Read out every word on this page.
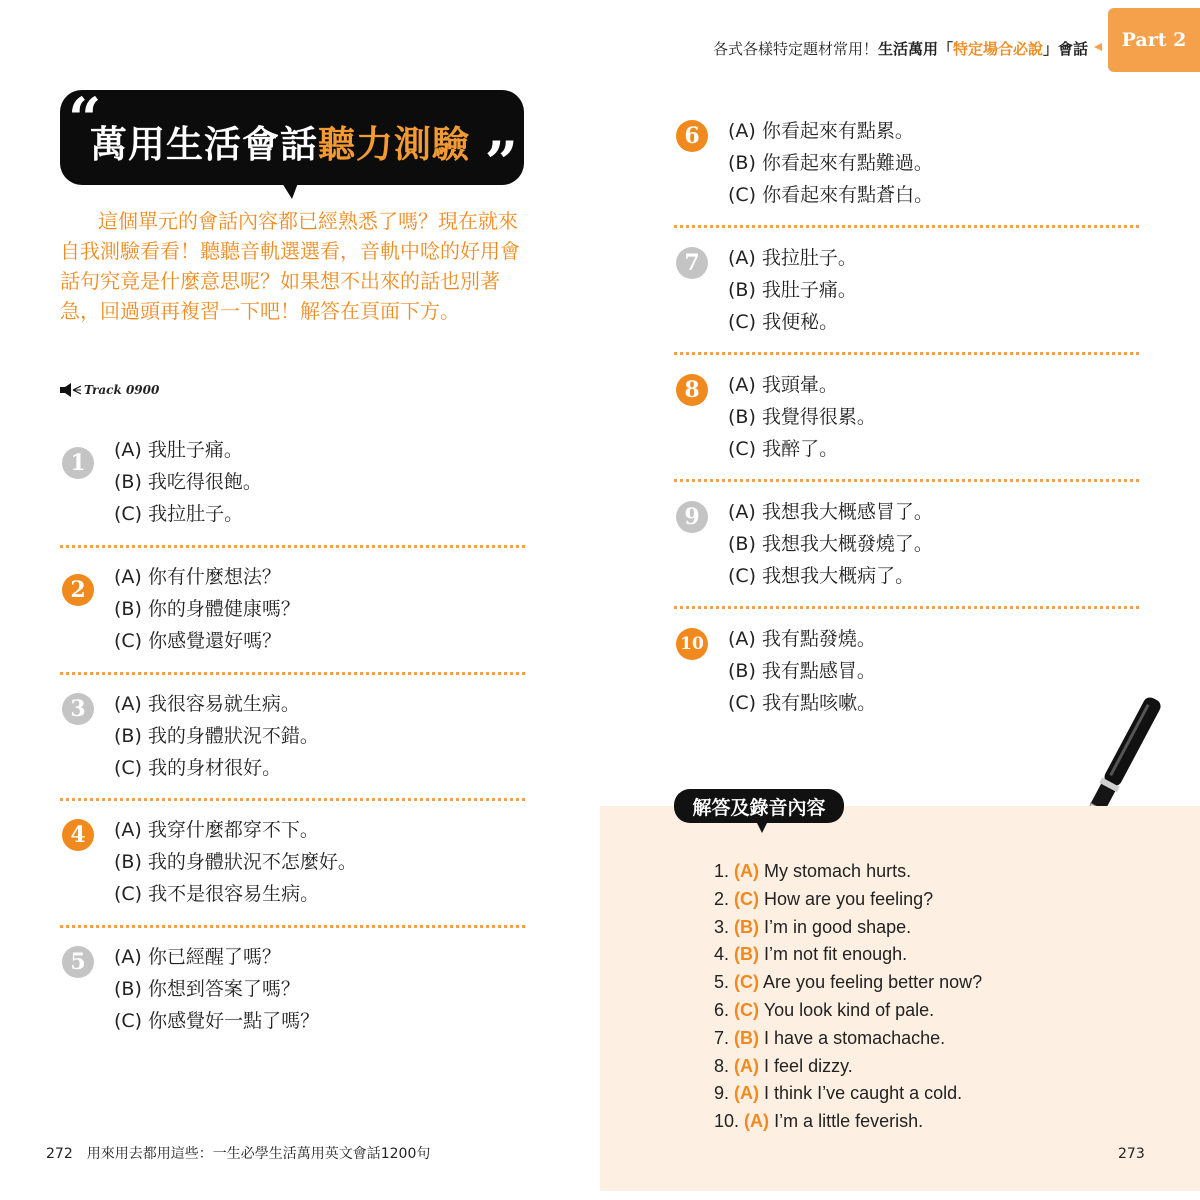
“
萬用生活會話聽力測驗 ”
這個單元的會話內容都已經熟悉了嗎？現在就來自我測驗看看！聽聽音軌選選看，音軌中唸的好用會話句究竟是什麼意思呢？如果想不出來的話也別著急，回過頭再複習一下吧！解答在頁面下方。
Track 0900
各式各樣特定題材常用！生活萬用「特定場合必說」會話	Part 2
1	(A) 我肚子痛。
(B) 我吃得很飽。
(C) 我拉肚子。
2	(A) 你有什麼想法？
(B) 你的身體健康嗎？
(C) 你感覺還好嗎？
3	(A) 我很容易就生病。
(B) 我的身體狀況不錯。
(C) 我的身材很好。
4	(A) 我穿什麼都穿不下。
(B) 我的身體狀況不怎麼好。
(C) 我不是很容易生病。
5	(A) 你已經醒了嗎？
(B) 你想到答案了嗎？
(C) 你感覺好一點了嗎？
6	(A) 你看起來有點累。
(B) 你看起來有點難過。
(C) 你看起來有點蒼白。
7	(A) 我拉肚子。
(B) 我肚子痛。
(C) 我便秘。
8	(A) 我頭暈。
(B) 我覺得很累。
(C) 我醉了。
9	(A) 我想我大概感冒了。
(B) 我想我大概發燒了。
(C) 我想我大概病了。
10 (A) 我有點發燒。
(B) 我有點感冒。
(C) 我有點咳嗽。
解答及錄音內容
1. (A) My stomach hurts.
2. (C) How are you feeling?
3. (B) I’m in good shape.
4. (B) I’m not fit enough.
5. (C) Are you feeling better now?
6. (C) You look kind of pale.
7. (B) I have a stomachache.
8. (A) I feel dizzy.
9. (A) I think I’ve caught a cold.
10. (A) I’m a little feverish.
272 用來用去都用這些：一生必學生活萬用英文會話1200句	273
